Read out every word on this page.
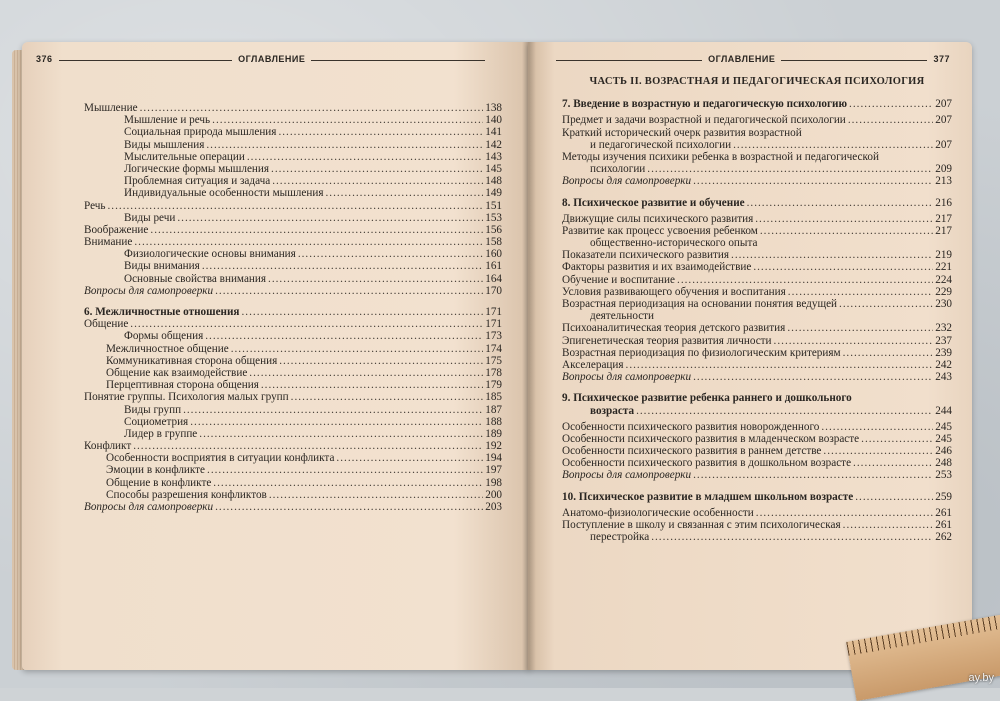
376	ОГЛАВЛЕНИЕ
Мышление .....	138
Мышление и речь .....	140
Социальная природа мышления .....	141
Виды мышления .....	142
Мыслительные операции .....	143
Логические формы мышления .....	145
Проблемная ситуация и задача .....	148
Индивидуальные особенности мышления .....	149
Речь .....	151
Виды речи .....	153
Воображение .....	156
Внимание .....	158
Физиологические основы внимания .....	160
Виды внимания .....	161
Основные свойства внимания .....	164
Вопросы для самопроверки .....	170
6. Межличностные отношения .....	171
Общение .....	171
Формы общения .....	173
Межличностное общение .....	174
Коммуникативная сторона общения .....	175
Общение как взаимодействие .....	178
Перцептивная сторона общения .....	179
Понятие группы. Психология малых групп .....	185
Виды групп .....	187
Социометрия .....	188
Лидер в группе .....	189
Конфликт .....	192
Особенности восприятия в ситуации конфликта .....	194
Эмоции в конфликте .....	197
Общение в конфликте .....	198
Способы разрешения конфликтов .....	200
Вопросы для самопроверки .....	203
ОГЛАВЛЕНИЕ	377
ЧАСТЬ II. ВОЗРАСТНАЯ И ПЕДАГОГИЧЕСКАЯ ПСИХОЛОГИЯ
7. Введение в возрастную и педагогическую психологию .....	207
Предмет и задачи возрастной и педагогической психологии .....	207
Краткий исторический очерк развития возрастной
и педагогической психологии .....	207
Методы изучения психики ребенка в возрастной и педагогической
психологии .....	209
Вопросы для самопроверки .....	213
8. Психическое развитие и обучение .....	216
Движущие силы психического развития .....	217
Развитие как процесс усвоения ребенком .....	217
общественно-исторического опыта
Показатели психического развития .....	219
Факторы развития и их взаимодействие .....	221
Обучение и воспитание .....	224
Условия развивающего обучения и воспитания .....	229
Возрастная периодизация на основании понятия ведущей .....	230
деятельности
Психоаналитическая теория детского развития .....	232
Эпигенетическая теория развития личности .....	237
Возрастная периодизация по физиологическим критериям .....	239
Акселерация .....	242
Вопросы для самопроверки .....	243
9. Психическое развитие ребенка раннего и дошкольного
возраста .....	244
Особенности психического развития новорожденного .....	245
Особенности психического развития в младенческом возрасте .....	245
Особенности психического развития в раннем детстве .....	246
Особенности психического развития в дошкольном возрасте .....	248
Вопросы для самопроверки .....	253
10. Психическое развитие в младшем школьном возрасте .....	259
Анатомо-физиологические особенности .....	261
Поступление в школу и связанная с этим психологическая .....	261
перестройка .....	262
ay.by
